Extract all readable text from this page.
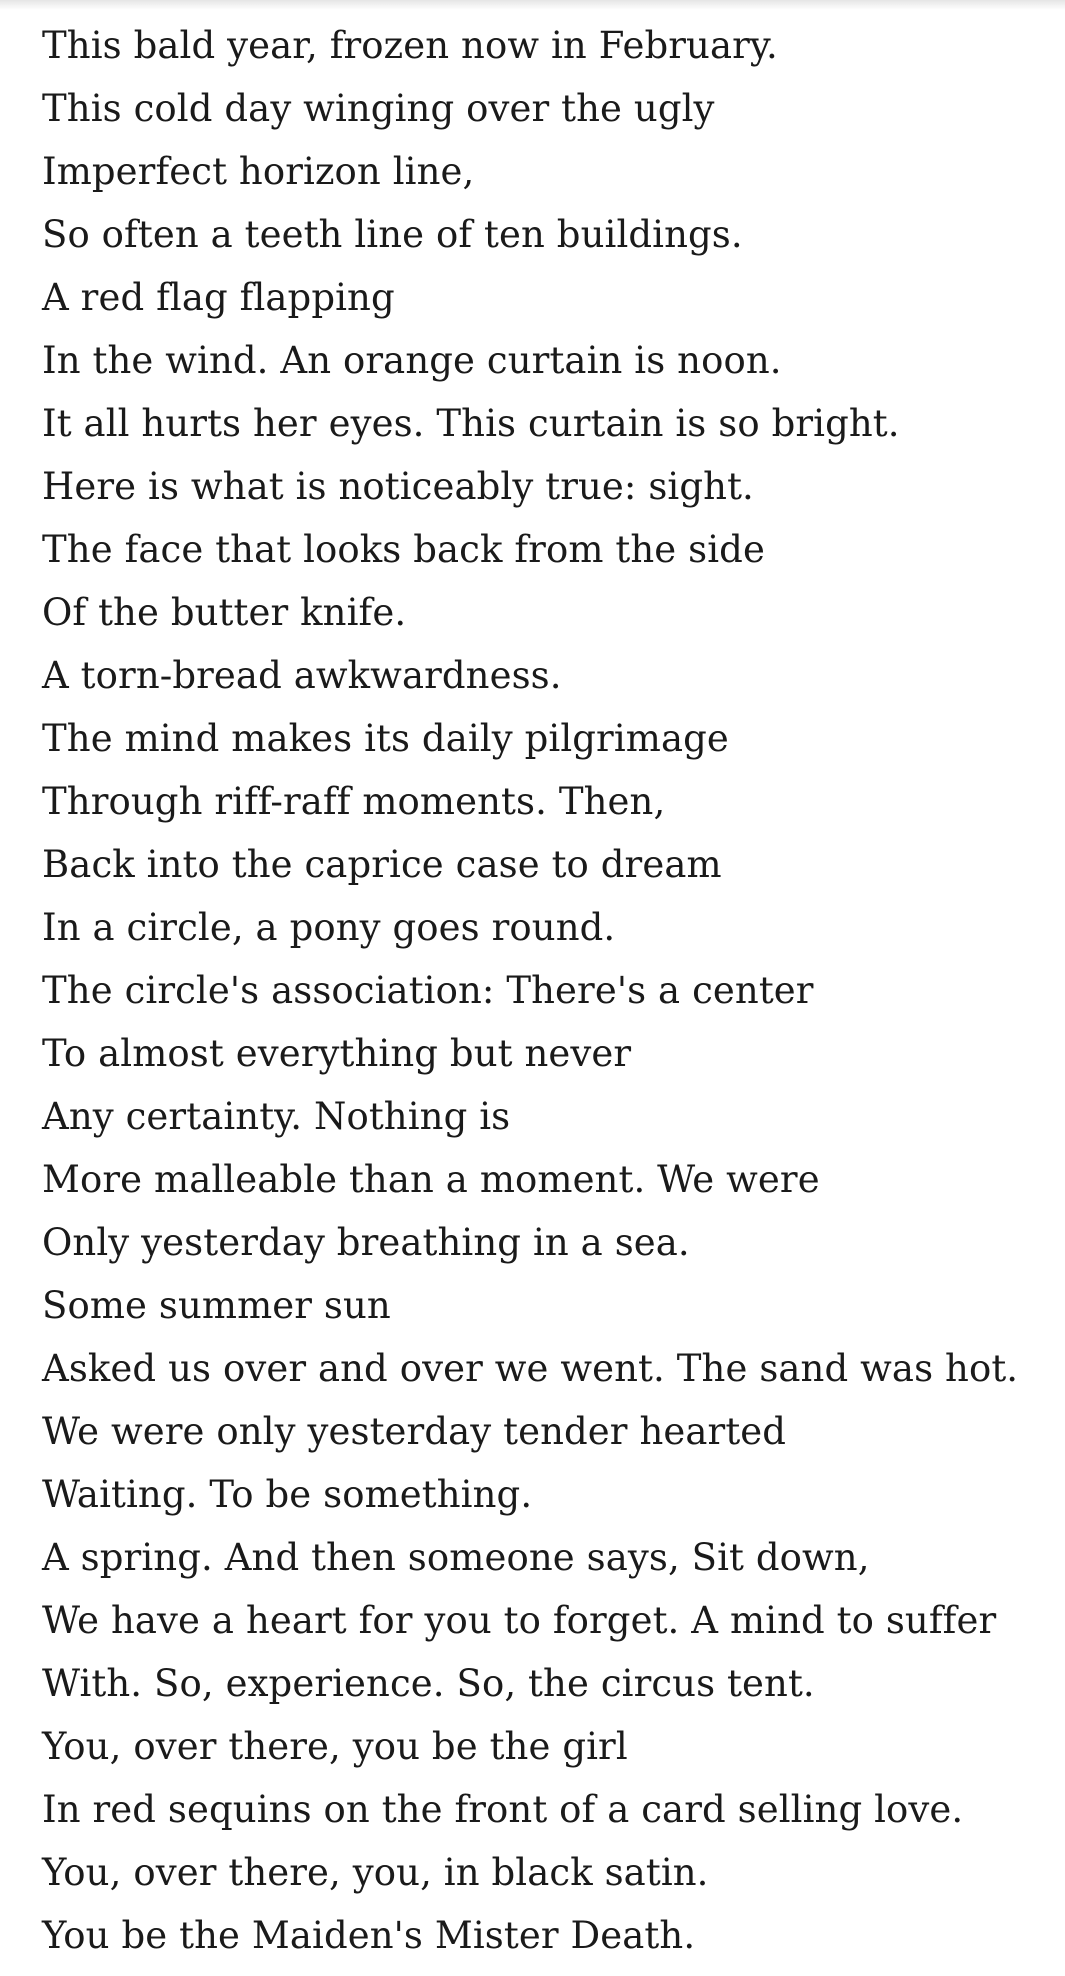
This bald year, frozen now in February.
This cold day winging over the ugly
Imperfect horizon line,
So often a teeth line of ten buildings.
A red flag flapping
In the wind. An orange curtain is noon.
It all hurts her eyes. This curtain is so bright.
Here is what is noticeably true: sight.
The face that looks back from the side
Of the butter knife.
A torn-bread awkwardness.
The mind makes its daily pilgrimage
Through riff-raff moments. Then,
Back into the caprice case to dream
In a circle, a pony goes round.
The circle's association: There's a center
To almost everything but never
Any certainty. Nothing is
More malleable than a moment. We were
Only yesterday breathing in a sea.
Some summer sun
Asked us over and over we went. The sand was hot.
We were only yesterday tender hearted
Waiting. To be something.
A spring. And then someone says, Sit down,
We have a heart for you to forget. A mind to suffer
With. So, experience. So, the circus tent.
You, over there, you be the girl
In red sequins on the front of a card selling love.
You, over there, you, in black satin.
You be the Maiden's Mister Death.
